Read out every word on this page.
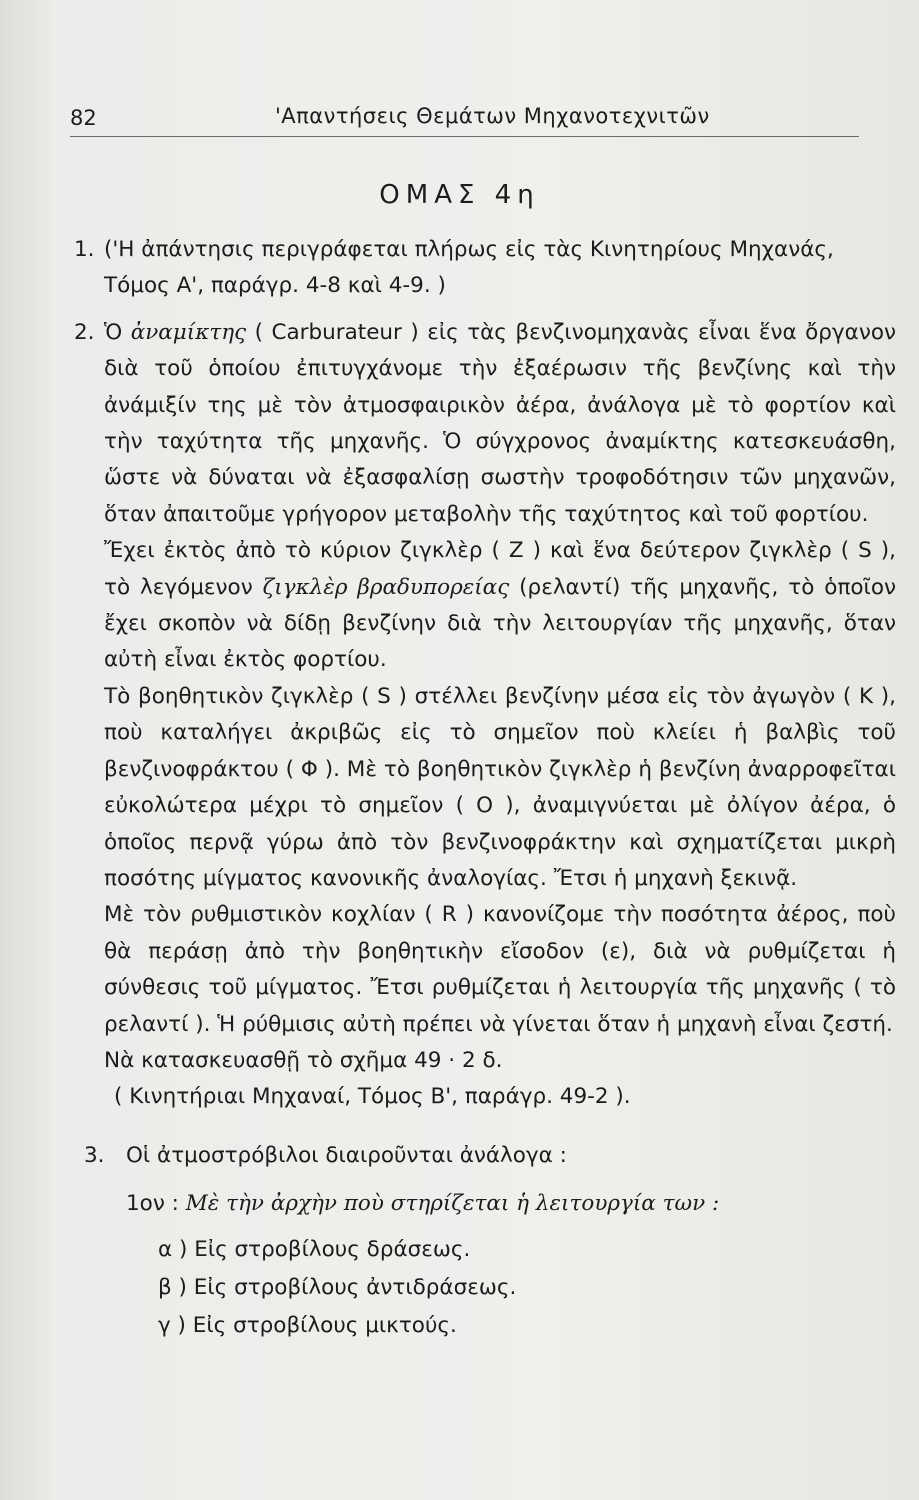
82	'Απαντήσεις Θεμάτων Μηχανοτεχνιτῶν
ΟΜΑΣ 4η
1. ('Η ἀπάντησις περιγράφεται πλήρως εἰς τὰς Κινητηρίους Μηχανάς, Τόμος Α', παράγρ. 4-8 καὶ 4-9. )
2. Ὁ ἀναμίκτης ( Carburateur ) εἰς τὰς βενζινομηχανὰς εἶναι ἕνα ὄργανον διὰ τοῦ ὁποίου ἐπιτυγχάνομε τὴν ἐξαέρωσιν τῆς βενζίνης καὶ τὴν ἀνάμιξίν της μὲ τὸν ἀτμοσφαιρικὸν ἀέρα, ἀνάλογα μὲ τὸ φορτίον καὶ τὴν ταχύτητα τῆς μηχανῆς. Ὁ σύγχρονος ἀναμίκτης κατεσκευάσθη, ὥστε νὰ δύναται νὰ ἐξασφαλίσῃ σωστὴν τροφοδότησιν τῶν μηχανῶν, ὅταν ἀπαιτοῦμε γρήγορον μεταβολὴν τῆς ταχύτητος καὶ τοῦ φορτίου.

Ἔχει ἐκτὸς ἀπὸ τὸ κύριον ζιγκλὲρ ( Ζ ) καὶ ἕνα δεύτερον ζιγκλὲρ ( S ), τὸ λεγόμενον ζιγκλὲρ βραδυπορείας (ρελαντί) τῆς μηχανῆς, τὸ ὁποῖον ἔχει σκοπὸν νὰ δίδῃ βενζίνην διὰ τὴν λειτουργίαν τῆς μηχανῆς, ὅταν αὐτὴ εἶναι ἐκτὸς φορτίου.

Τὸ βοηθητικὸν ζιγκλὲρ ( S ) στέλλει βενζίνην μέσα εἰς τὸν ἀγωγὸν ( Κ ), ποὺ καταλήγει ἀκριβῶς εἰς τὸ σημεῖον ποὺ κλείει ἡ βαλβὶς τοῦ βενζινοφράκτου ( Φ ). Μὲ τὸ βοηθητικὸν ζιγκλὲρ ἡ βενζίνη ἀναρροφεῖται εὐκολώτερα μέχρι τὸ σημεῖον ( Ο ), ἀναμιγνύεται μὲ ὀλίγον ἀέρα, ὁ ὁποῖος περνᾷ γύρω ἀπὸ τὸν βενζινοφράκτην καὶ σχηματίζεται μικρὴ ποσότης μίγματος κανονικῆς ἀναλογίας. Ἔτσι ἡ μηχανὴ ξεκινᾷ.

Μὲ τὸν ρυθμιστικὸν κοχλίαν ( R ) κανονίζομε τὴν ποσότητα ἀέρος, ποὺ θὰ περάσῃ ἀπὸ τὴν βοηθητικὴν εἴσοδον (ε), διὰ νὰ ρυθμίζεται ἡ σύνθεσις τοῦ μίγματος. Ἔτσι ρυθμίζεται ἡ λειτουργία τῆς μηχανῆς ( τὸ ρελαντί ). Ἡ ρύθμισις αὐτὴ πρέπει νὰ γίνεται ὅταν ἡ μηχανὴ εἶναι ζεστή.

Νὰ κατασκευασθῇ τὸ σχῆμα 49 · 2 δ.

( Κινητήριαι Μηχαναί, Τόμος Β', παράγρ. 49-2 ).

3. Οἱ ἀτμοστρόβιλοι διαιροῦνται ἀνάλογα :
1ον : Μὲ τὴν ἀρχὴν ποὺ στηρίζεται ἡ λειτουργία των :
α ) Εἰς στροβίλους δράσεως.
β ) Εἰς στροβίλους ἀντιδράσεως.
γ ) Εἰς στροβίλους μικτούς.
